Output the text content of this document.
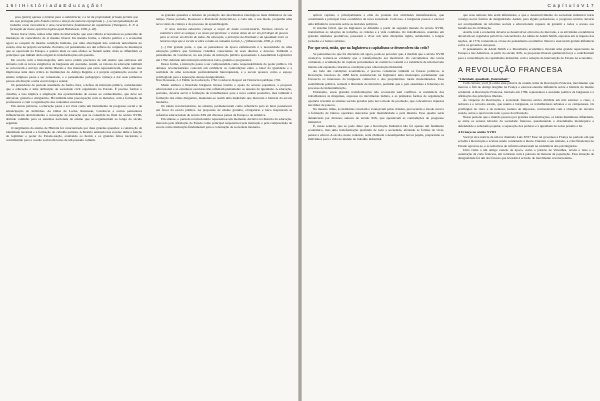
1 6 I I H i s t ó r i a d a E d u c a ç ã o I

pesa (pobre) apenas o mínimo para a subsistência; e a lei da propriedade privada permite que ela seja protegida pelo Estado contra o desejo da maioria expropriada [...] A conceptualização do trabalho como mercadoria é uma característica fundamental do capitalismo (Thompson, E. P. A formação da classe operária inglesa apud Hobsbawm, 1999, p. 48).

Nessa breve visão, temos uma idéia da intervenção que essa ciência acrescentou ao panorama de mudanças da consciência de si mesmo liberal. Da mesma forma, a ciência política e a economia agora se ocupam da mesma condição humana, por uma abordagem não centrada unicamente no estado, mas na própria sociedade. Portanto, tal pensamento era um reflexo do conjunto de mudanças que se operavam na Europa, e quanto mais os seus efeitos se faziam sentir, mais se difundiam os princípios que tinham dado origem às transformações em questão.

De acordo com a historiografia, uma nova ordem precisava de um ensino que estivesse em sintonia com as novas exigências da burguesia em ascensão. Assim, os valores da educação também se colocavam a serviço das idéias liberais e dos interesses que estas representavam, ainda que isso implicasse uma dura crítica às instituições do Antigo Regime e à própria organização escolar. O ensino religioso passa a ser contestado, e o pensamento pedagógico começa a dar seus primeiros passos em direção a uma escola leiga e estatal.

Os pensadores do período assumem, de forma clara, a defesa da instrução pública, considerando que a educação é uma atribuição da sociedade civil organizada no Estado. É preciso formar o cidadão, e isso implica a ampliação das oportunidades de acesso ao conhecimento, que deve ser universal, gratuito e obrigatório. Há também uma preocupação com os métodos, com a formação de professores e com a organização dos conteúdos escolares.

Em outras palavras, a educação passa a ser vista como um instrumento de progresso social e de emancipação do indivíduo. As idéias de Locke, Rousseau, Condorcet e outros pensadores influenciaram decisivamente a concepção de educação que se consolida no final do século XVIII, abrindo caminho para os sistemas nacionais de ensino que se organizariam ao longo do século seguinte.

O surgimento do ensino de História foi caracterizado por duas grandes questões: a construção da identidade nacional e a formação do cidadão patriota. A história ensinada nas escolas tinha a função de legitimar o poder do Estado-nação, exaltando os heróis e os grandes feitos nacionais, e contribuindo para a coesão social em torno de um passado comum.

as grandes questões e debates da produção dos movimentos ideológicos mais dinâmicos de seu tempo. Nesse período, Rousseau e Pestalozzi destacam-se, e cada um, a seu modo, propunha uma nova visão da criança e do processo de aprendizagem.

O novo sistema educativo começa a surgir de modo revolucionário. Nenhum vínculo se estabelece entre as antigas e as novas perspectivas: o ensino deixa de ser um privilégio de poucos para se tornar um direito de todos. Na educação, o princípio da liberdade e da igualdade entre os homens exige que a escola se abra a todas as camadas sociais [...] (Manacorda, 2000, p. 249).

[...] Em grande parte, o que os pensadores da época enfatizavam é a necessidade de uma educação pública que formasse cidadãos conscientes de seus direitos e deveres. Também o pensamento de Condorcet, no seu plano de instrução pública apresentado à Assembléia Legislativa em 1792, defende uma instrução universal, laica, gratuita e progressiva.

Dessa forma, a instrução passa a ser compreendida como responsabilidade do poder público. Os debates revolucionários colocam em evidência as contradições entre o ideal da igualdade e a realidade de uma sociedade profundamente hierarquizada, e a escola aparece como o espaço privilegiado para a superação dessas desigualdades.

Nota: Rousseau, J.-J. Emílio ou da educação, 1762. Condorcet, Rapport sur l'instruction publique, 1792.

Muito embora a liberdade burguesa tivesse trazido o apoio de setores populares, a proposta educacional e as estruturas escolares não refletiam plenamente os anseios de igualdade. A educação, portanto, deveria servir à formação de trabalhadores para a nova ordem produtiva, mas também à formação das elites dirigentes, mantendo-se assim uma dualidade que marcaria a história da escola moderna.

Os ideais revolucionários, no entanto, permaneceram como referência para as lutas posteriores em favor da escola pública. As propostas de ensino gratuito, obrigatório e laico inspiraram as reformas educacionais do século XIX em diversos países da Europa e da América.

Em síntese, o período revolucionário representou um momento decisivo na história da educação, marcado pela afirmação do Estado como principal responsável pela instrução e pela compreensão da escola como instituição fundamental para a construção da sociedade moderna.

C a p í t u l o V 1 7

aplicar capitais, e principalmente a elite do produto das atividades manufatureiras, que constituíam a principal base econômica da nova sociedade. Com isso, a burguesia passou a exercer uma influência crescente sobre as decisões políticas.

O sistema fabril, que na Inglaterra se difundiu a partir da segunda metade do século XVIII, transformou as relações de trabalho, as cidades e a vida cotidiana. Os trabalhadores, reunidos em grandes unidades produtivas, passaram a viver sob uma disciplina rígida, submetidos a longas jornadas e a baixos salários.

Por que será, então, que na Inglaterra o capitalismo se desenvolveu tão cedo?

Se pensarmos no que foi discutido até agora, pode-se perceber que, à medida que o século XVIII avançava, tornava-se evidente que a transformação era inevitável. Os cercamentos das terras comunais, a acumulação de capitais provenientes do comércio colonial e a existência de um mercado interno em expansão criaram as condições para a Revolução Industrial.

Ao lado das condições econômicas, é preciso considerar também os fatores políticos. A Revolução Gloriosa de 1688 havia estabelecido na Inglaterra uma monarquia parlamentar que favorecia os interesses da burguesia comercial e dos proprietários rurais modernizados. Essa estabilidade política, somada à liberdade de iniciativa, permitiu que o país assumisse a liderança do processo de industrialização.

Entretanto, essas grandes transformações não ocorreram sem conflitos. A resistência dos trabalhadores às máquinas, expressa no movimento ludista, e as primeiras formas de organização operária revelam as tensões sociais geradas pelo novo modo de produção, que concentrava riquezas nas mãos de poucos.

No mesmo ritmo, as indústrias cresciam e avançavam pelas cidades, provocando o êxodo rural e a formação de bairros operários marcados pela insalubridade e pela miséria. Esse quadro seria denunciado por diversos autores do século XIX, que apontavam as contradições do progresso industrial.

É, nesse sentido, que se pode dizer que a Revolução Industrial não foi apenas um fenômeno econômico, mas uma transformação profunda de toda a sociedade, afetando as formas de viver, pensar e educar. A escola, nesse contexto, seria chamada a desempenhar novos papéis, preparando os indivíduos para a vida no mundo do trabalho industrial.

que seus temores não eram infundados, e que o desenvolvimento da sociedade industrial traria consigo novas formas de desigualdade. Assim, para alguns pensadores, o progresso técnico deveria ser acompanhado de reformas sociais e educacionais capazes de garantir a todos o acesso aos benefícios da civilização.

Assim, toda a economia deveria se desenvolver em torno do mercado, e as atividades econômicas deveriam ser reguladas pela livre concorrência. As idéias de Adam Smith, expostas em A riqueza das nações, de 1776, tornaram-se a base do pensamento econômico liberal e exerceram grande influência sobre os governos europeus.

O pensamento de Adam Smith e o liberalismo econômico tiveram uma grande repercussão na Europa e nas Américas. A partir do século XIX, as propostas liberais ganharam força e contribuíram para a consolidação do capitalismo industrial, com a redução da intervenção do Estado na economia.

A REVOLUÇÃO FRANCESA

"Liberdade, igualdade, fraternidade"

Com certeza, você já ouviu essa palavra de ordem, lema da Revolução Francesa, movimento que marcou o fim do Antigo Regime na França e exerceu enorme influência sobre a história do mundo ocidental. A Revolução Francesa, iniciada em 1789, representou a ascensão política da burguesia e a afirmação dos princípios liberais.

Às vésperas da Revolução, a sociedade francesa estava dividida em três estados: o clero, a nobreza e o terceiro estado, que reunia a burguesia, os trabalhadores urbanos e os camponeses. Os privilégios do clero e da nobreza, isentos de impostos, contrastavam com a situação do terceiro estado, sobre o qual recaía todo o peso da tributação.

Nesse período que o mundo passava por grandes transformações, os ideais iluministas difundiam-se entre os setores letrados da sociedade francesa, questionando o absolutismo monárquico e defendendo a soberania popular, a separação dos poderes e a igualdade de todos perante a lei.

A França no século XVIII

Você já teve notícia de um rei chamado Luís XVI? Esse rei governou a França no período em que eclodiu a Revolução e acabou sendo condenado à morte. Durante o seu reinado, a crise financeira do Estado agravou-se, e as tentativas de reforma esbarraram na resistência dos privilegiados.

Uma visita a um antigo castelo da época, como o palácio de Versalhes, revela o luxo e a ostentação da corte francesa, em contraste com a pobreza da maioria da população. Essa situação de desigualdade foi um dos fatores que levaram à eclosão do movimento revolucionário.
